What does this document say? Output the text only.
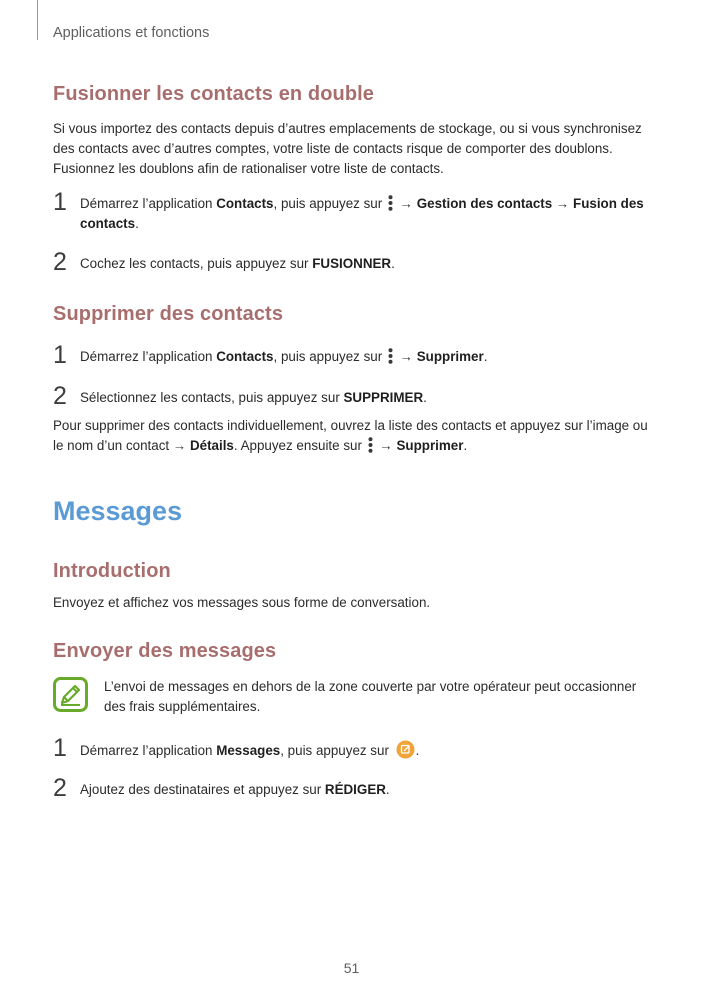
Applications et fonctions
Fusionner les contacts en double
Si vous importez des contacts depuis d’autres emplacements de stockage, ou si vous synchronisez
des contacts avec d’autres comptes, votre liste de contacts risque de comporter des doublons.
Fusionnez les doublons afin de rationaliser votre liste de contacts.
1 Démarrez l’application Contacts, puis appuyez sur
→ Gestion des contacts → Fusion des
contacts.
2 Cochez les contacts, puis appuyez sur FUSIONNER.
Supprimer des contacts
1 Démarrez l’application Contacts, puis appuyez sur
→ Supprimer.
2 Sélectionnez les contacts, puis appuyez sur SUPPRIMER.
Pour supprimer des contacts individuellement, ouvrez la liste des contacts et appuyez sur l’image ou
le nom d’un contact → Détails. Appuyez ensuite sur
→ Supprimer.
Messages
Introduction
Envoyez et affichez vos messages sous forme de conversation.
Envoyer des messages
L’envoi de messages en dehors de la zone couverte par votre opérateur peut occasionner
des frais supplémentaires.
1 Démarrez l’application Messages, puis appuyez sur
.
2 Ajoutez des destinataires et appuyez sur RÉDIGER.
51
